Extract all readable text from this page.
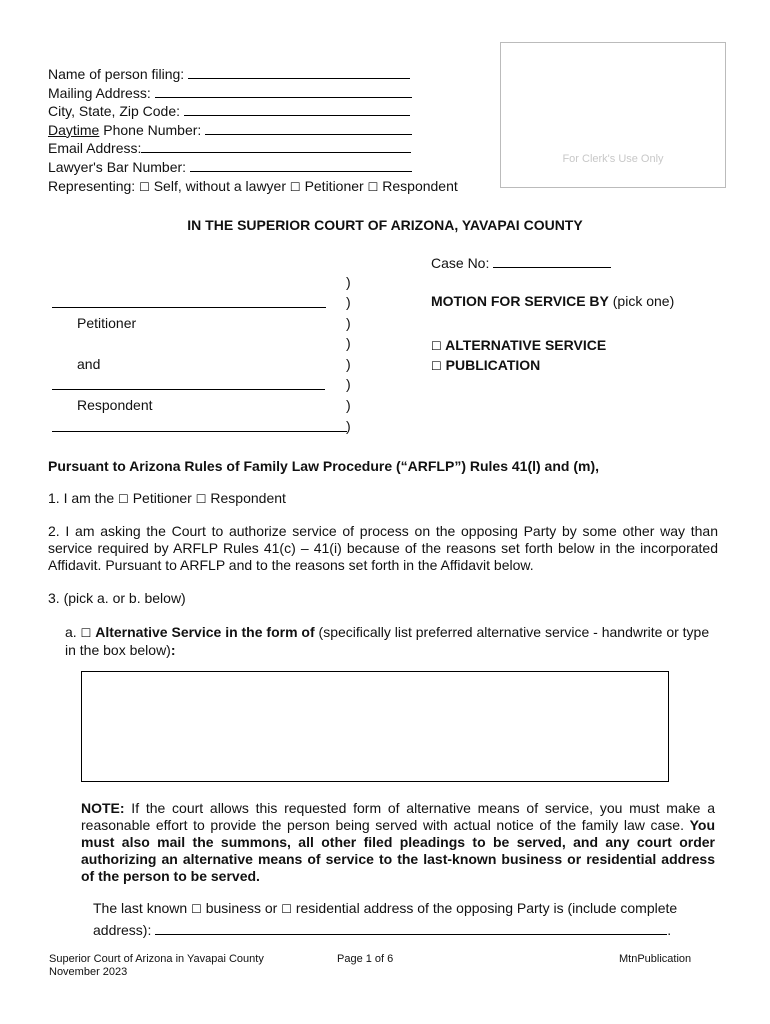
Name of person filing:
Mailing Address:
City, State, Zip Code:
Daytime Phone Number:
Email Address:
Lawyer's Bar Number:
Representing: ☐ Self, without a lawyer ☐ Petitioner ☐ Respondent
For Clerk's Use Only
IN THE SUPERIOR COURT OF ARIZONA, YAVAPAI COUNTY
Case No:
)
)
)
)
)
)
)
)
Petitioner
and
Respondent
MOTION FOR SERVICE BY (pick one)
☐ ALTERNATIVE SERVICE
☐ PUBLICATION
Pursuant to Arizona Rules of Family Law Procedure (“ARFLP”) Rules 41(l) and (m),
1. I am the ☐ Petitioner ☐ Respondent
2. I am asking the Court to authorize service of process on the opposing Party by some other way than service required by ARFLP Rules 41(c) – 41(i) because of the reasons set forth below in the incorporated Affidavit. Pursuant to ARFLP and to the reasons set forth in the Affidavit below.
3. (pick a. or b. below)
a. ☐ Alternative Service in the form of (specifically list preferred alternative service - handwrite or type in the box below):
NOTE: If the court allows this requested form of alternative means of service, you must make a reasonable effort to provide the person being served with actual notice of the family law case. You must also mail the summons, all other filed pleadings to be served, and any court order authorizing an alternative means of service to the last-known business or residential address of the person to be served.
The last known ☐ business or ☐ residential address of the opposing Party is (include complete
address):	.
Superior Court of Arizona in Yavapai County
November 2023
Page 1 of 6	MtnPublication
